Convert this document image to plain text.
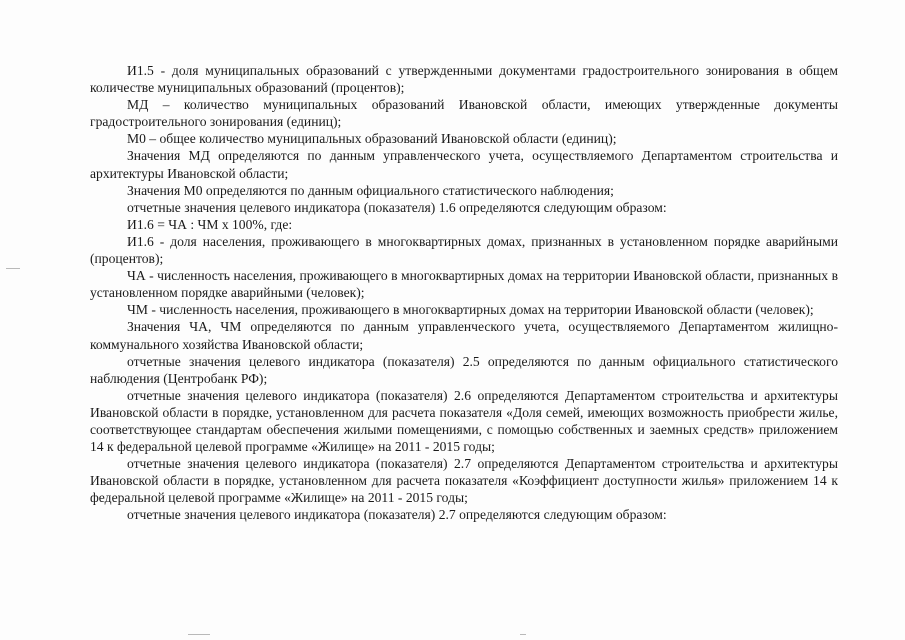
И1.5 - доля муниципальных образований с утвержденными документами градостроительного зонирования в общем количестве муниципальных образований (процентов);

МД – количество муниципальных образований Ивановской области, имеющих утвержденные документы градостроительного зонирования (единиц);

М0 – общее количество муниципальных образований Ивановской области (единиц);

Значения МД определяются по данным управленческого учета, осуществляемого Департаментом строительства и архитектуры Ивановской области;

Значения М0 определяются по данным официального статистического наблюдения;

отчетные значения целевого индикатора (показателя) 1.6 определяются следующим образом:

И1.6 = ЧА : ЧМ х 100%, где:

И1.6 - доля населения, проживающего в многоквартирных домах, признанных в установленном порядке аварийными (процентов);

ЧА - численность населения, проживающего в многоквартирных домах на территории Ивановской области, признанных в установленном порядке аварийными (человек);

ЧМ - численность населения, проживающего в многоквартирных домах на территории Ивановской области (человек);

Значения ЧА, ЧМ определяются по данным управленческого учета, осуществляемого Департаментом жилищно-коммунального хозяйства Ивановской области;

отчетные значения целевого индикатора (показателя) 2.5 определяются по данным официального статистического наблюдения (Центробанк РФ);

отчетные значения целевого индикатора (показателя) 2.6 определяются Департаментом строительства и архитектуры Ивановской области в порядке, установленном для расчета показателя «Доля семей, имеющих возможность приобрести жилье, соответствующее стандартам обеспечения жилыми помещениями, с помощью собственных и заемных средств» приложением 14 к федеральной целевой программе «Жилище» на 2011 - 2015 годы;

отчетные значения целевого индикатора (показателя) 2.7 определяются Департаментом строительства и архитектуры Ивановской области в порядке, установленном для расчета показателя «Коэффициент доступности жилья» приложением 14 к федеральной целевой программе «Жилище» на 2011 - 2015 годы;

отчетные значения целевого индикатора (показателя) 2.7 определяются следующим образом:
